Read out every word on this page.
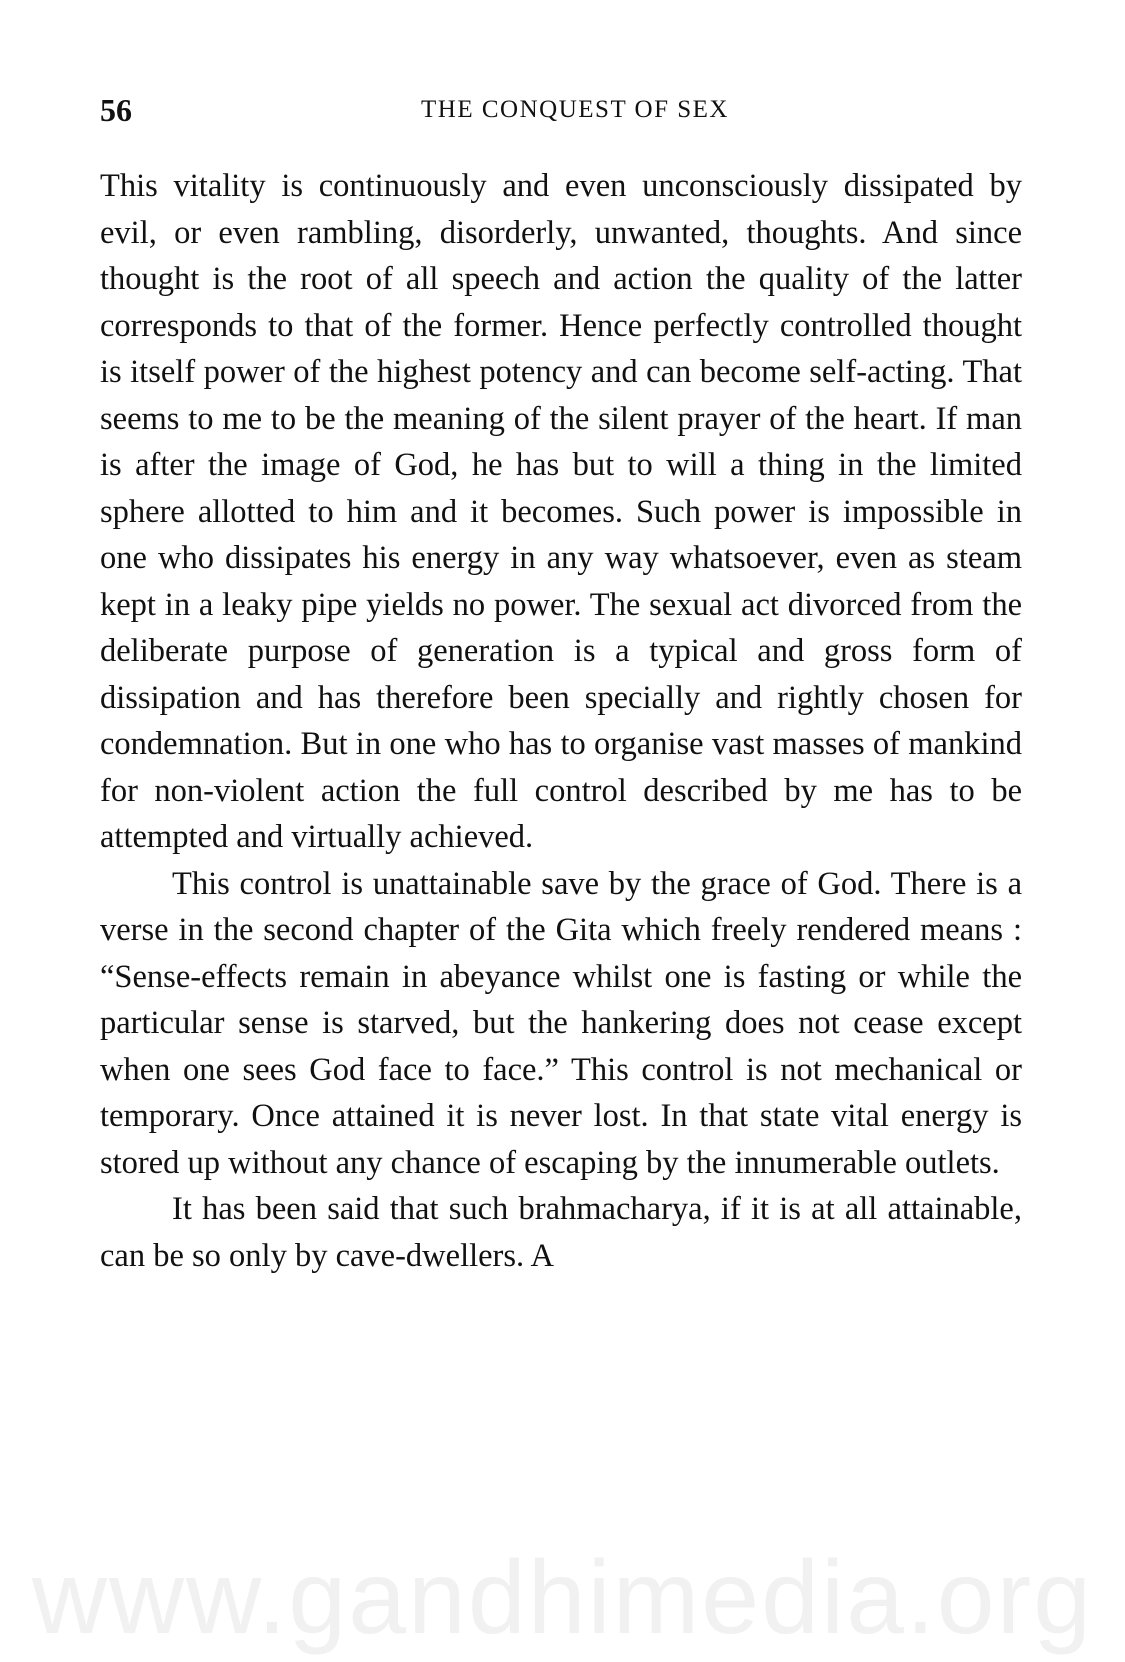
56	THE CONQUEST OF SEX

This vitality is continuously and even unconsciously dissipated by evil, or even rambling, disorderly, unwanted, thoughts. And since thought is the root of all speech and action the quality of the latter corresponds to that of the former. Hence perfectly controlled thought is itself power of the highest potency and can become self-acting. That seems to me to be the meaning of the silent prayer of the heart. If man is after the image of God, he has but to will a thing in the limited sphere allotted to him and it becomes. Such power is impossible in one who dissipates his energy in any way whatsoever, even as steam kept in a leaky pipe yields no power. The sexual act divorced from the deliberate purpose of generation is a typical and gross form of dissipation and has therefore been specially and rightly chosen for condemnation. But in one who has to organise vast masses of mankind for non-violent action the full control described by me has to be attempted and virtually achieved.

This control is unattainable save by the grace of God. There is a verse in the second chapter of the Gita which freely rendered means : “Sense-effects remain in abeyance whilst one is fasting or while the particular sense is starved, but the hankering does not cease except when one sees God face to face.” This control is not mechanical or temporary. Once attained it is never lost. In that state vital energy is stored up without any chance of escaping by the innumerable outlets.

It has been said that such brahmacharya, if it is at all attainable, can be so only by cave-dwellers. A

www.gandhimedia.org
